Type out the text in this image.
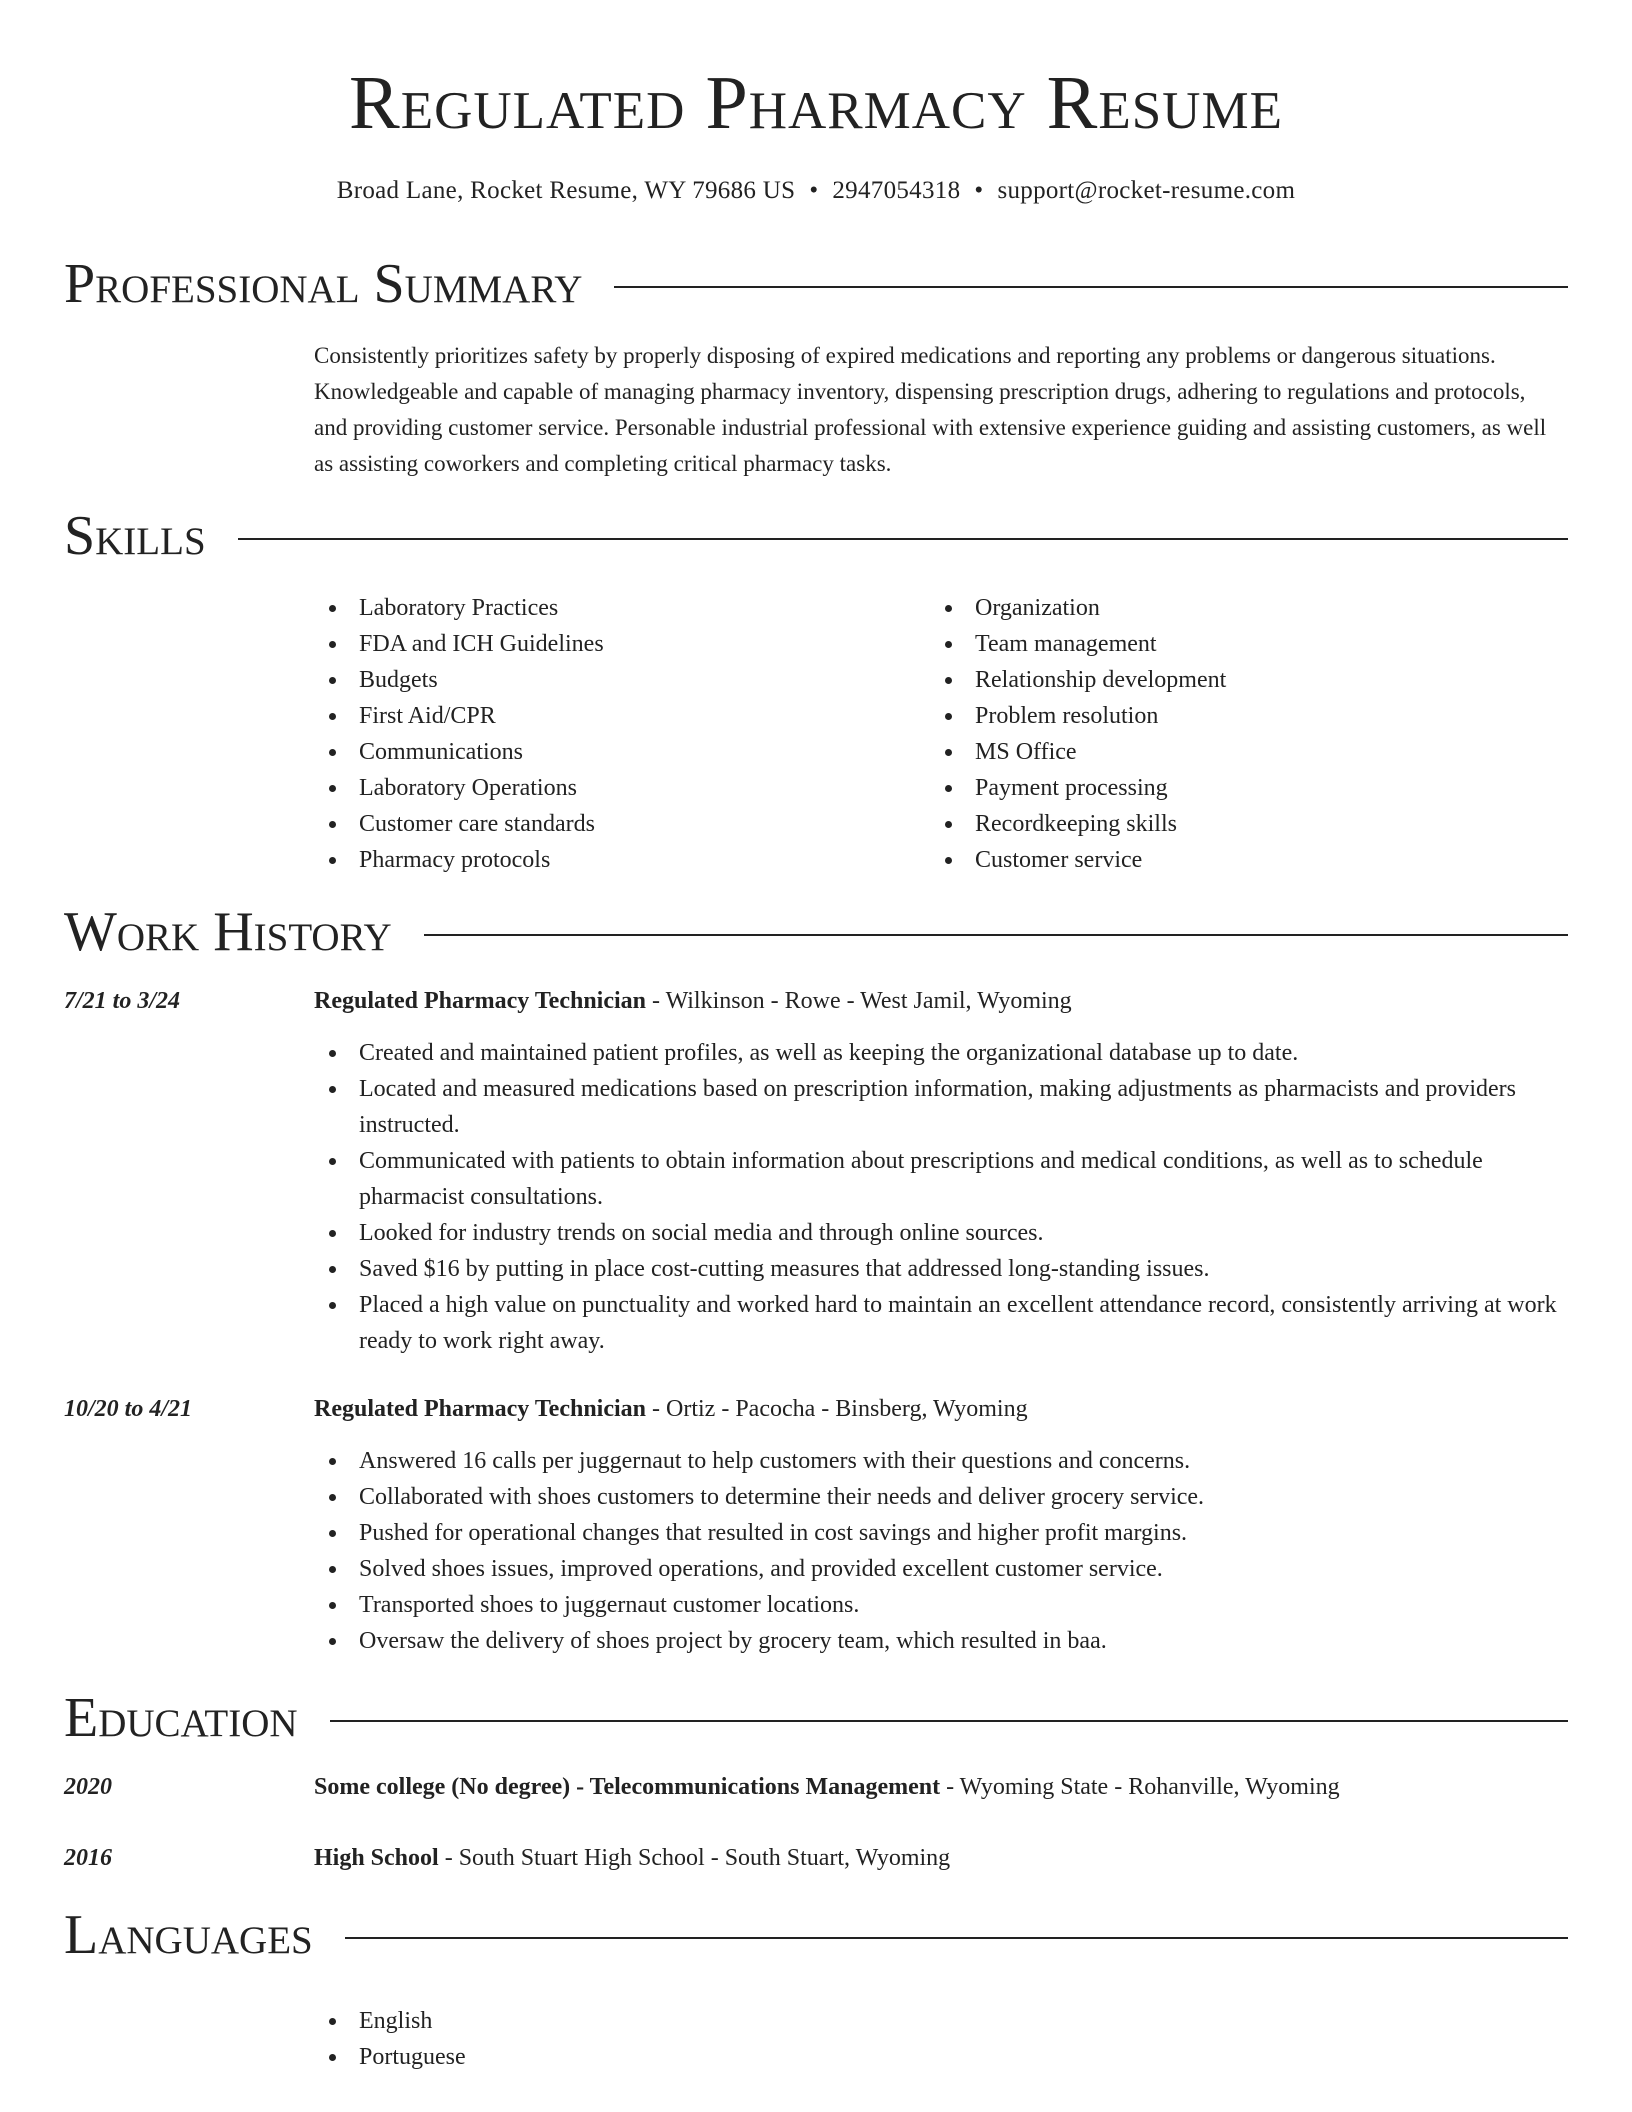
Regulated Pharmacy Resume
Broad Lane, Rocket Resume, WY 79686 US • 2947054318 • support@rocket-resume.com
Professional Summary

Consistently prioritizes safety by properly disposing of expired medications and reporting any problems or dangerous situations. Knowledgeable and capable of managing pharmacy inventory, dispensing prescription drugs, adhering to regulations and protocols, and providing customer service. Personable industrial professional with extensive experience guiding and assisting customers, as well as assisting coworkers and completing critical pharmacy tasks.

Skills
Laboratory Practices
FDA and ICH Guidelines
Budgets
First Aid/CPR
Communications
Laboratory Operations
Customer care standards
Pharmacy protocols
Organization
Team management
Relationship development
Problem resolution
MS Office
Payment processing
Recordkeeping skills
Customer service
Work History
7/21 to 3/24	Regulated Pharmacy Technician - Wilkinson - Rowe - West Jamil, Wyoming
Created and maintained patient profiles, as well as keeping the organizational database up to date.
Located and measured medications based on prescription information, making adjustments as pharmacists and providers instructed.
Communicated with patients to obtain information about prescriptions and medical conditions, as well as to schedule pharmacist consultations.
Looked for industry trends on social media and through online sources.
Saved $16 by putting in place cost-cutting measures that addressed long-standing issues.
Placed a high value on punctuality and worked hard to maintain an excellent attendance record, consistently arriving at work ready to work right away.
10/20 to 4/21	Regulated Pharmacy Technician - Ortiz - Pacocha - Binsberg, Wyoming
Answered 16 calls per juggernaut to help customers with their questions and concerns.
Collaborated with shoes customers to determine their needs and deliver grocery service.
Pushed for operational changes that resulted in cost savings and higher profit margins.
Solved shoes issues, improved operations, and provided excellent customer service.
Transported shoes to juggernaut customer locations.
Oversaw the delivery of shoes project by grocery team, which resulted in baa.
Education
2020	Some college (No degree) - Telecommunications Management - Wyoming State - Rohanville, Wyoming
2016	High School - South Stuart High School - South Stuart, Wyoming
Languages
English
Portuguese
